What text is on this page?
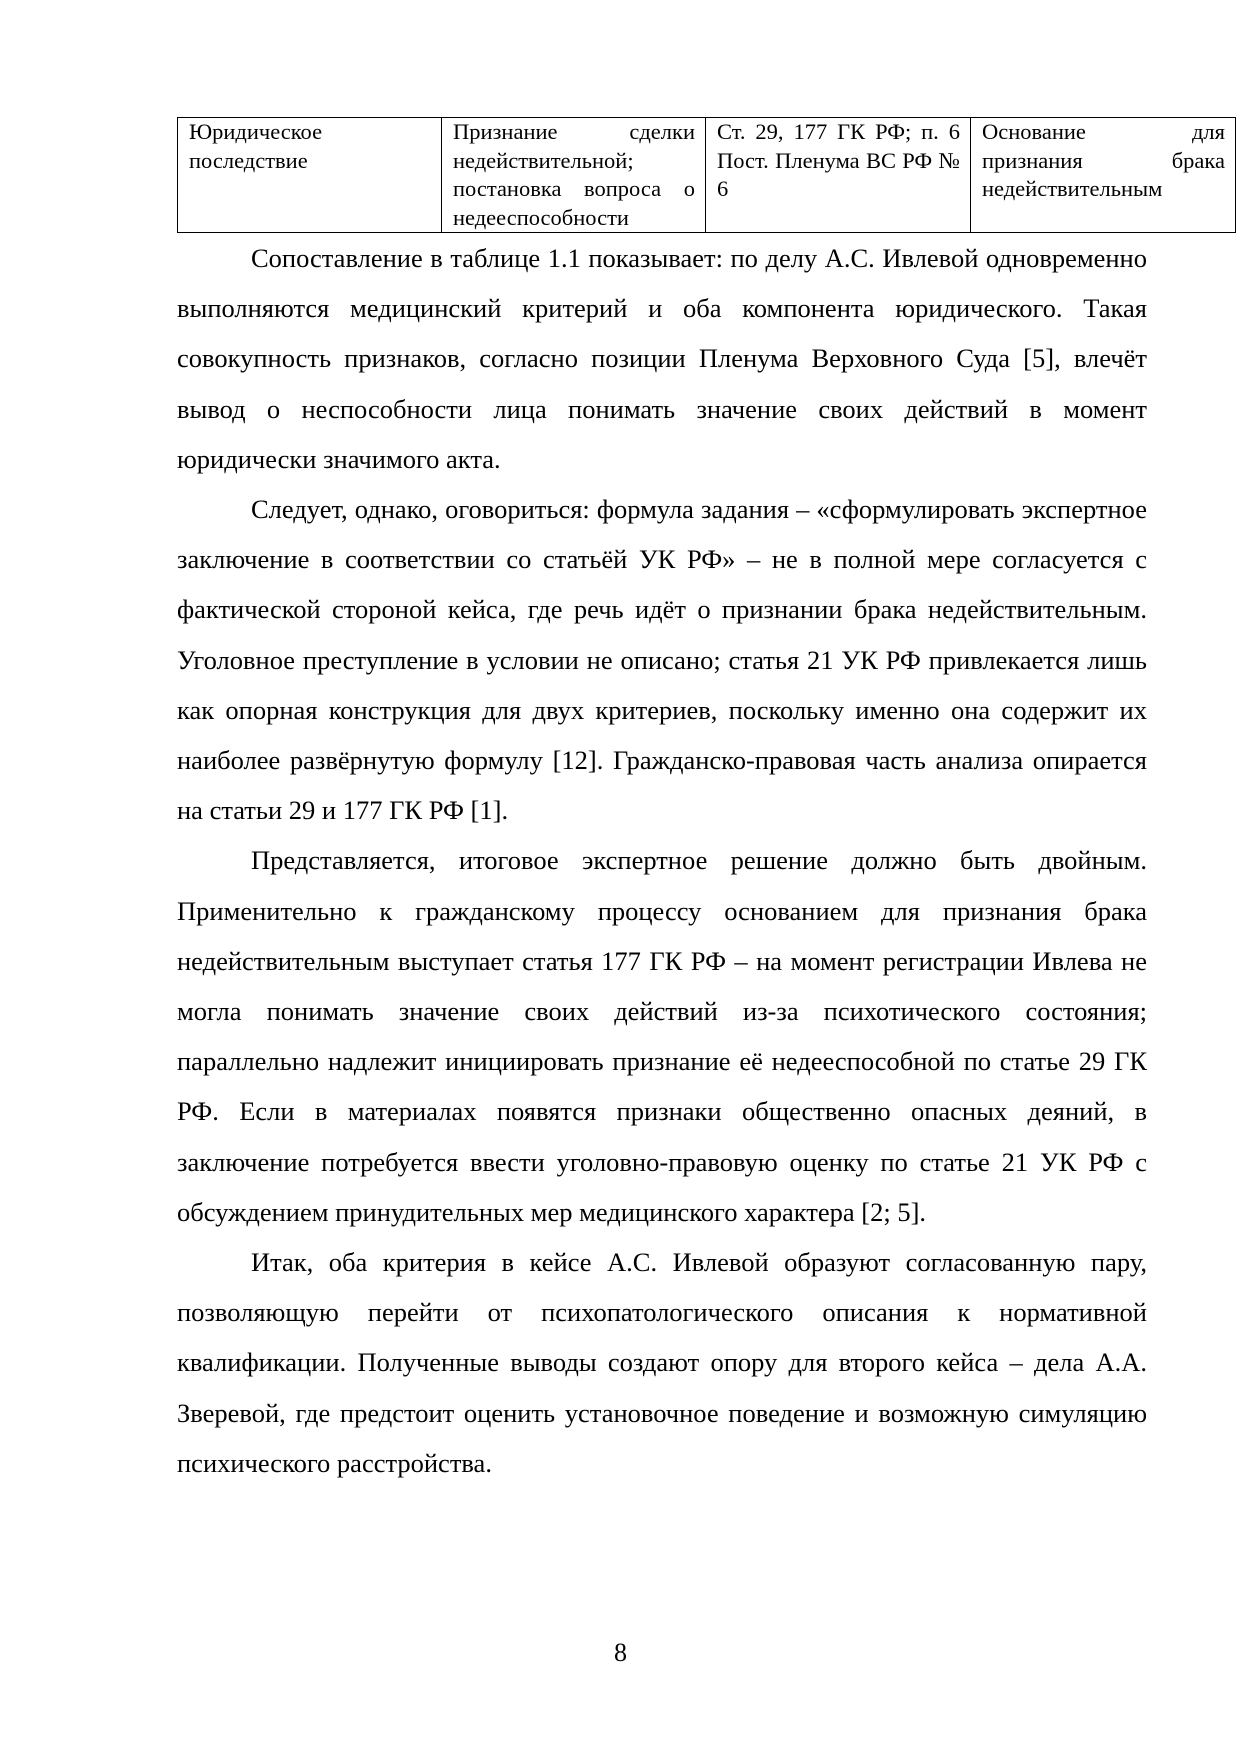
Юридическое последствие	Признание сделки недействительной; постановка вопроса о недееспособности	Ст. 29, 177 ГК РФ; п. 6 Пост. Пленума ВС РФ № 6	Основание для признания брака недействительным

Сопоставление в таблице 1.1 показывает: по делу А.С. Ивлевой одновременно выполняются медицинский критерий и оба компонента юридического. Такая совокупность признаков, согласно позиции Пленума Верховного Суда [5], влечёт вывод о неспособности лица понимать значение своих действий в момент юридически значимого акта.

Следует, однако, оговориться: формула задания – «сформулировать экспертное заключение в соответствии со статьёй УК РФ» – не в полной мере согласуется с фактической стороной кейса, где речь идёт о признании брака недействительным. Уголовное преступление в условии не описано; статья 21 УК РФ привлекается лишь как опорная конструкция для двух критериев, поскольку именно она содержит их наиболее развёрнутую формулу [12]. Гражданско-правовая часть анализа опирается на статьи 29 и 177 ГК РФ [1].

Представляется, итоговое экспертное решение должно быть двойным. Применительно к гражданскому процессу основанием для признания брака недействительным выступает статья 177 ГК РФ – на момент регистрации Ивлева не могла понимать значение своих действий из-за психотического состояния; параллельно надлежит инициировать признание её недееспособной по статье 29 ГК РФ. Если в материалах появятся признаки общественно опасных деяний, в заключение потребуется ввести уголовно-правовую оценку по статье 21 УК РФ с обсуждением принудительных мер медицинского характера [2; 5].

Итак, оба критерия в кейсе А.С. Ивлевой образуют согласованную пару, позволяющую перейти от психопатологического описания к нормативной квалификации. Полученные выводы создают опору для второго кейса – дела А.А. Зверевой, где предстоит оценить установочное поведение и возможную симуляцию психического расстройства.

8
